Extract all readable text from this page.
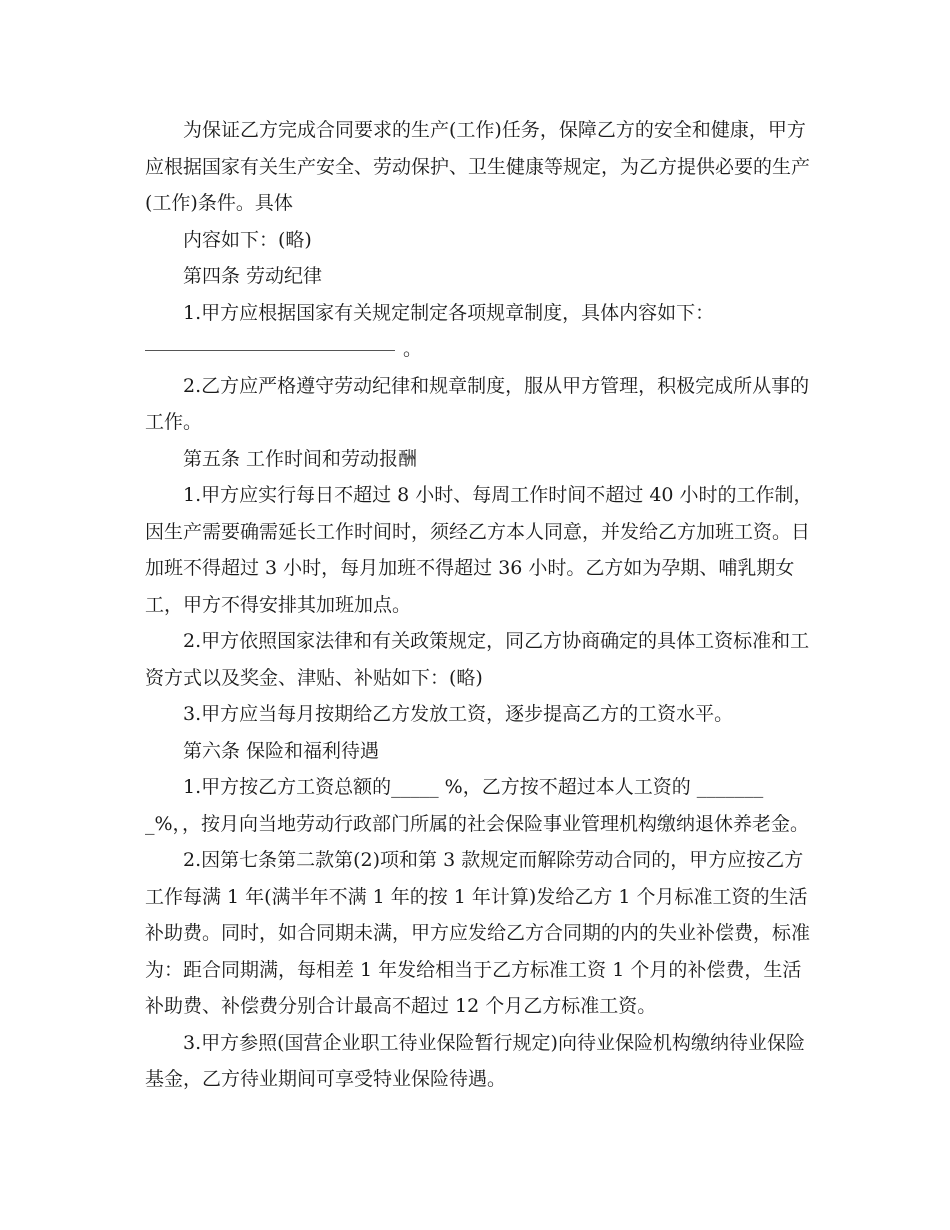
为保证乙方完成合同要求的生产(工作)任务，保障乙方的安全和健康，甲方应根据国家有关生产安全、劳动保护、卫生健康等规定，为乙方提供必要的生产(工作)条件。具体

内容如下：(略)

第四条 劳动纪律

1.甲方应根据国家有关规定制定各项规章制度，具体内容如下：

。

2.乙方应严格遵守劳动纪律和规章制度，服从甲方管理，积极完成所从事的工作。

第五条 工作时间和劳动报酬

1.甲方应实行每日不超过 8 小时、每周工作时间不超过 40 小时的工作制，因生产需要确需延长工作时间时，须经乙方本人同意，并发给乙方加班工资。日加班不得超过 3 小时，每月加班不得超过 36 小时。乙方如为孕期、哺乳期女工，甲方不得安排其加班加点。

2.甲方依照国家法律和有关政策规定，同乙方协商确定的具体工资标准和工资方式以及奖金、津贴、补贴如下：(略)

3.甲方应当每月按期给乙方发放工资，逐步提高乙方的工资水平。

第六条 保险和福利待遇

1.甲方按乙方工资总额的_____ %，乙方按不超过本人工资的 ________%，，按月向当地劳动行政部门所属的社会保险事业管理机构缴纳退休养老金。

2.因第七条第二款第(2)项和第 3 款规定而解除劳动合同的，甲方应按乙方工作每满 1 年(满半年不满 1 年的按 1 年计算)发给乙方 1 个月标准工资的生活补助费。同时，如合同期未满，甲方应发给乙方合同期的内的失业补偿费，标准为：距合同期满，每相差 1 年发给相当于乙方标准工资 1 个月的补偿费，生活补助费、补偿费分别合计最高不超过 12 个月乙方标准工资。

3.甲方参照(国营企业职工待业保险暂行规定)向待业保险机构缴纳待业保险基金，乙方待业期间可享受特业保险待遇。
